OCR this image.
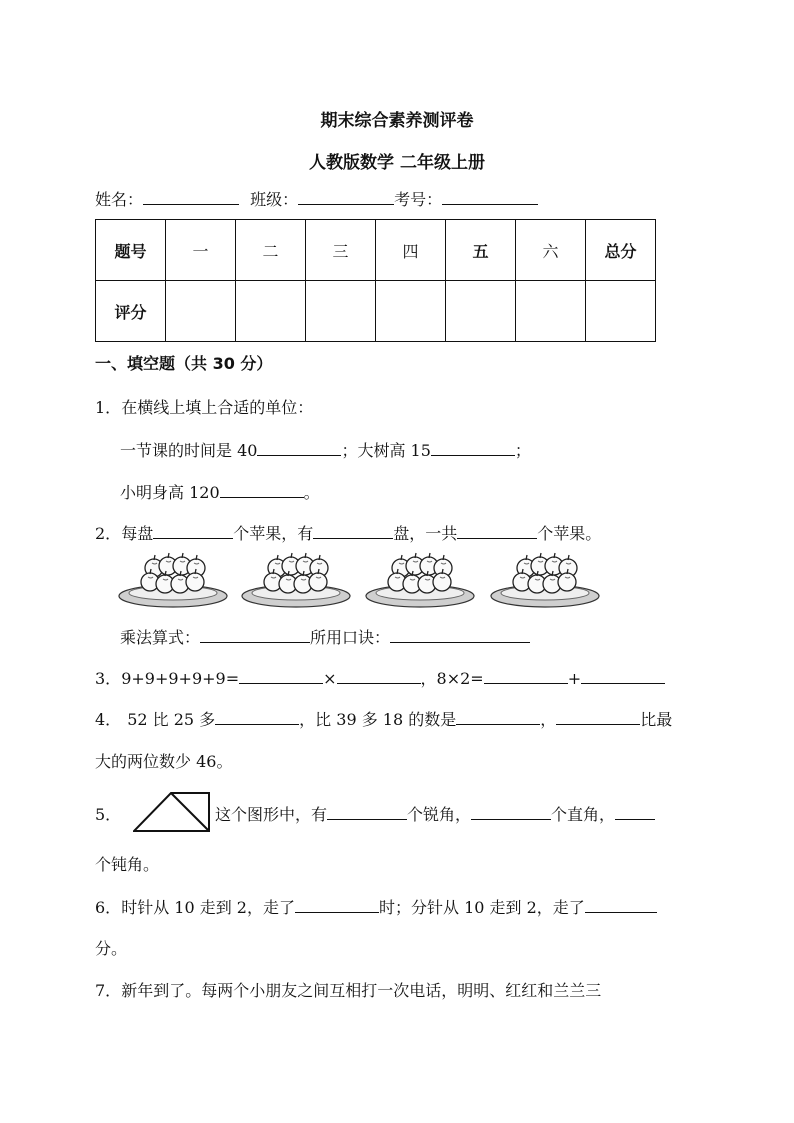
期末综合素养测评卷
人教版数学 二年级上册
姓名：	班级：	考号：
题号	一	二	三	四	五	六	总分
评分							
一、填空题（共 30 分）
1．在横线上填上合适的单位：
一节课的时间是 40	；大树高 15	；
小明身高 120	。
2．每盘	个苹果，有	盘，一共	个苹果。
乘法算式：	所用口诀：
3．9+9+9+9+9=	×	，8×2=	+
4． 52 比 25 多	，比 39 多 18 的数是	，	比最
大的两位数少 46。
5．	这个图形中，有	个锐角，	个直角，
个钝角。
6．时针从 10 走到 2，走了	时；分针从 10 走到 2，走了
分。
7．新年到了。每两个小朋友之间互相打一次电话，明明、红红和兰兰三
